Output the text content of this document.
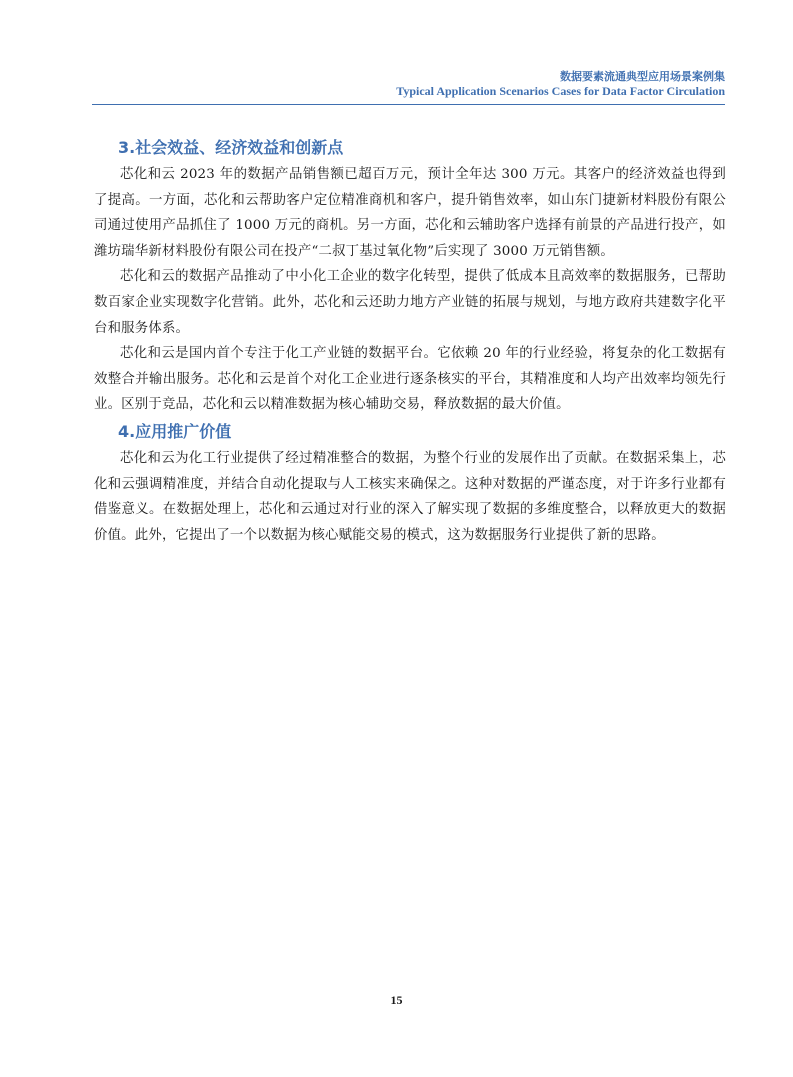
数据要素流通典型应用场景案例集
Typical Application Scenarios Cases for Data Factor Circulation
3.社会效益、经济效益和创新点

芯化和云 2023 年的数据产品销售额已超百万元，预计全年达 300 万元。其客户的经济效益也得到了提高。一方面，芯化和云帮助客户定位精准商机和客户，提升销售效率，如山东门捷新材料股份有限公司通过使用产品抓住了 1000 万元的商机。另一方面，芯化和云辅助客户选择有前景的产品进行投产，如潍坊瑞华新材料股份有限公司在投产“二叔丁基过氧化物”后实现了 3000 万元销售额。

芯化和云的数据产品推动了中小化工企业的数字化转型，提供了低成本且高效率的数据服务，已帮助数百家企业实现数字化营销。此外，芯化和云还助力地方产业链的拓展与规划，与地方政府共建数字化平台和服务体系。

芯化和云是国内首个专注于化工产业链的数据平台。它依赖 20 年的行业经验，将复杂的化工数据有效整合并输出服务。芯化和云是首个对化工企业进行逐条核实的平台，其精准度和人均产出效率均领先行业。区别于竞品，芯化和云以精准数据为核心辅助交易，释放数据的最大价值。

4.应用推广价值

芯化和云为化工行业提供了经过精准整合的数据，为整个行业的发展作出了贡献。在数据采集上，芯化和云强调精准度，并结合自动化提取与人工核实来确保之。这种对数据的严谨态度，对于许多行业都有借鉴意义。在数据处理上，芯化和云通过对行业的深入了解实现了数据的多维度整合，以释放更大的数据价值。此外，它提出了一个以数据为核心赋能交易的模式，这为数据服务行业提供了新的思路。

15
